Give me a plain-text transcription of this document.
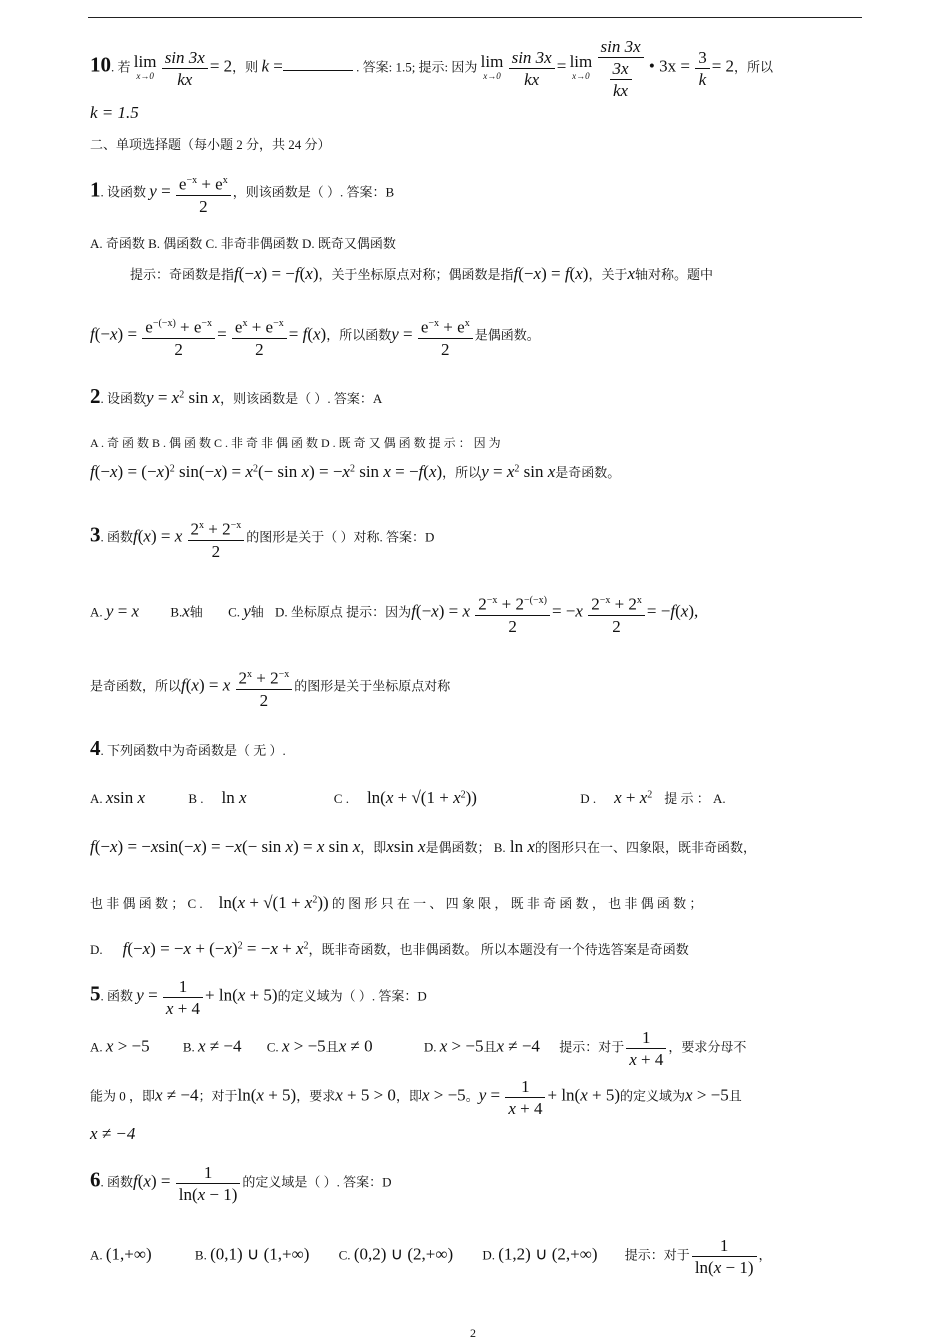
10. 若 lim
x→0
$\frac{\sin 3x}{kx} = 2$，则 k =	. 答案: 1.5; 提示: 因为 lim
x→0
$\frac{\sin 3x}{kx} = \lim$
x→0
$\frac{\sin 3x}{\frac{3x}{kx}}$ • $3x = \frac{3}{k} = 2$，所以
k = 1.5
二、单项选择题（每小题 2 分，共 24 分）
1. 设函数 $y = \frac{e^{-x} + e^x}{2}$ ，则该函数是（ ）. 答案：B
A. 奇函数 B. 偶函数 C. 非奇非偶函数 D. 既奇又偶函数
提示：奇函数是指f(−x) = −f(x)，关于坐标原点对称；偶函数是指f(−x) = f(x)，关于x轴对称。题中
$f(-x) = \frac{e^{-(-x)} + e^{-x}}{2} = \frac{e^x + e^{-x}}{2} = f(x)$，所以函数$y = \frac{e^{-x} + e^x}{2}$ 是偶函数。
2. 设函数$y = x^2$ sin x，则该函数是（ ）. 答案：A
A . 奇 函 数 B . 偶 函 数 C . 非 奇 非 偶 函 数 D . 既 奇 又 偶 函 数 提 示 ： 因 为
$f(-x) = (-x)^2$ $\sin(-x) = x^2(- \sin x) = -x^2$ sin x = −f(x)，所以$y = x^2$ sin x是奇函数。
3. 函数f(x) = x $\frac{2^x + 2^{-x}}{2}$ 的图形是关于（ ）对称. 答案：D
A. y = x B.x轴 C. y轴 D. 坐标原点 提示：因为f(−x) = x $\frac{2^{-x} + 2^{-(-x)}}{2} = -x \frac{2^{-x} + 2^x}{2} = -f(x)$,
是奇函数，所以f(x) = x $\frac{2^x + 2^{-x}}{2}$ 的图形是关于坐标原点对称
4. 下列函数中为奇函数是（ 无 ）.
A. xsin x	B . ln x	C . $\ln(x + √(1 + x^2))$	D . $x + x^2$ 提 示 ： A.
f(−x) = −xsin(−x) = −x(− sin x) = x sin x，即xsin x是偶函数； B. ln x的图形只在一、四象限，既非奇函数，
也 非 偶 函 数 ； C . $\ln(x + √(1 + x^2))$ 的 图 形 只 在 一 、 四 象 限 ， 既 非 奇 函 数 ， 也 非 偶 函 数 ；
D. $f(-x) = -x + (-x)^2 = -x + x^2$，既非奇函数，也非偶函数。 所以本题没有一个待选答案是奇函数
5. 函数 $y = \frac{1}{x + 4} + \ln(x + 5)$的定义域为（ ）. 答案：D
A. x > −5	B. x ≠ −4 C. x > −5且x ≠ 0	D. x > −5且x ≠ −4 提示：对于 $\frac{1}{x + 4}$ ，要求分母不
能为 0 ，即x ≠ −4；对于ln(x + 5)，要求x + 5 > 0，即x > −5。$y = \frac{1}{x + 4} + \ln(x + 5)$的定义域为x > −5且
x ≠ −4
6. 函数$f(x) = \frac{1}{\ln(x - 1)}$ 的定义域是（ ）. 答案：D
A. (1,+∞)	B. (0,1) ∪ (1,+∞) C. (0,2) ∪ (2,+∞) D. (1,2) ∪ (2,+∞) 提示：对于 $\frac{1}{\ln(x - 1)}$ ，
2
